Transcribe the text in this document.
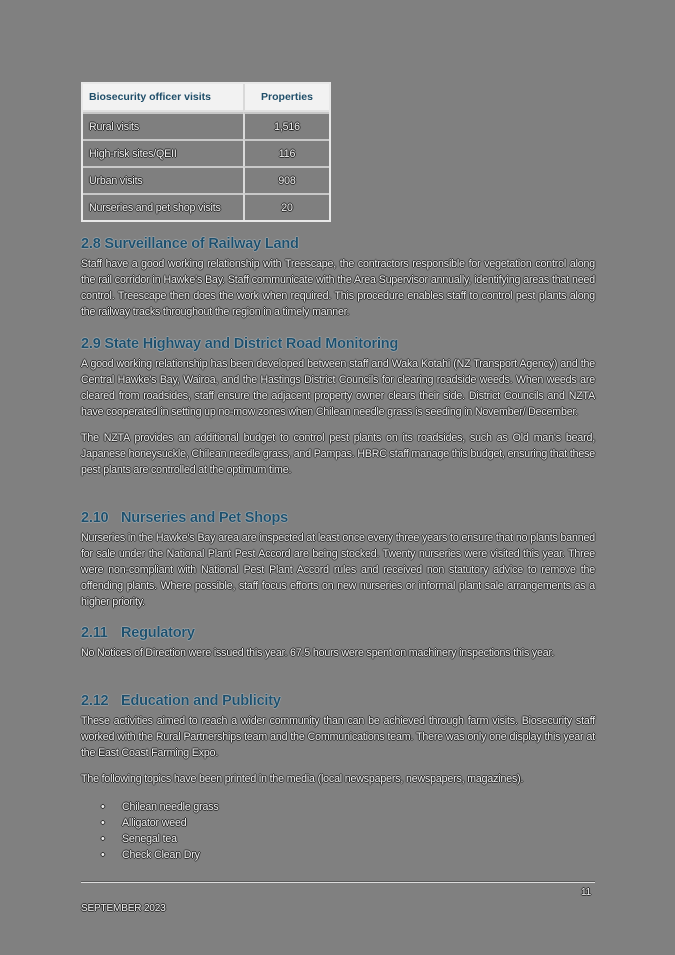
Biosecurity officer visits	Properties
Rural visits	1,516
High-risk sites/QEII	116
Urban visits	908
Nurseries and pet shop visits	20
2.8 Surveillance of Railway Land

Staff have a good working relationship with Treescape, the contractors responsible for vegetation control along the rail corridor in Hawke's Bay. Staff communicate with the Area Supervisor annually, identifying areas that need control. Treescape then does the work when required. This procedure enables staff to control pest plants along the railway tracks throughout the region in a timely manner.

2.9 State Highway and District Road Monitoring

A good working relationship has been developed between staff and Waka Kotahi (NZ Transport Agency) and the Central Hawke's Bay, Wairoa, and the Hastings District Councils for clearing roadside weeds. When weeds are cleared from roadsides, staff ensure the adjacent property owner clears their side. District Councils and NZTA have cooperated in setting up no-mow zones when Chilean needle grass is seeding in November/ December.

The NZTA provides an additional budget to control pest plants on its roadsides, such as Old man's beard, Japanese honeysuckle, Chilean needle grass, and Pampas. HBRC staff manage this budget, ensuring that these pest plants are controlled at the optimum time.

2.10 Nurseries and Pet Shops

Nurseries in the Hawke's Bay area are inspected at least once every three years to ensure that no plants banned for sale under the National Plant Pest Accord are being stocked. Twenty nurseries were visited this year. Three were non-compliant with National Pest Plant Accord rules and received non statutory advice to remove the offending plants. Where possible, staff focus efforts on new nurseries or informal plant sale arrangements as a higher priority.

2.11 Regulatory

No Notices of Direction were issued this year. 67.5 hours were spent on machinery inspections this year.

2.12 Education and Publicity

These activities aimed to reach a wider community than can be achieved through farm visits. Biosecurity staff worked with the Rural Partnerships team and the Communications team. There was only one display this year at the East Coast Farming Expo.

The following topics have been printed in the media (local newspapers, newspapers, magazines).

• Chilean needle grass
• Alligator weed
• Senegal tea
• Check Clean Dry
11
SEPTEMBER 2023
